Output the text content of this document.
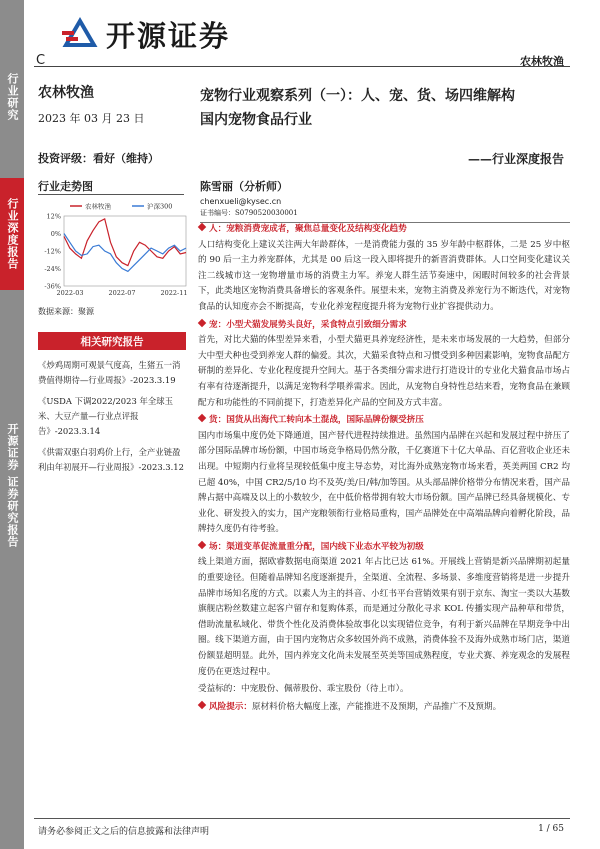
行业研究
行业深度报告
开源证券 证券研究报告
开源证券
C	农林牧渔
农林牧渔
2023 年 03 月 23 日
投资评级：看好（维持）	——行业深度报告
宠物行业观察系列（一）：人、宠、货、场四维解构
国内宠物食品行业
行业走势图
12%
0%
-12%
-24%
-36%
2022-03	2022-07	2022-11
农林牧渔	沪深300
数据来源：聚源
相关研究报告
《炒鸡周期可观景气度高，生猪五一消费值得期待—行业周报》-2023.3.19
《USDA 下调2022/2023 年全球玉米、大豆产量—行业点评报告》-2023.3.14
《供需双驱白羽鸡价上行，全产业链盈利由年初展开—行业周报》-2023.3.12
陈雪丽（分析师）
chenxueli@kysec.cn
证书编号：S0790520030001
人：宠粮消费宠成者，聚焦总量变化及结构变化趋势
人口结构变化上建议关注两大年龄群体，一是消费能力强的 35 岁年龄中枢群体，二是 25 岁中枢的 90 后一主力养宠群体，尤其是 00 后这一段入即将提升的新晋消费群体。人口空间变化建议关注二线城市这一宠物增量市场的消费主力军。养宠人群生活节奏速中，闲暇时间较多的社会背景下，此类地区宠物消费具备增长的客观条件。展望未来，宠物主消费及养宠行为不断迭代，对宠物食品的认知度亦会不断提高，专业化养宠程度提升将为宠物行业扩容提供动力。
宠：小型犬猫发展势头良好，采食特点引致细分需求
首先，对比犬猫的体型差异来看，小型犬猫更具养宠经济性，是未来市场发展的一大趋势，但部分大中型犬种也受到养宠人群的偏爱。其次，犬猫采食特点和习惯受到多种因素影响，宠物食品配方研制的差异化、专业化程度提升空间大。基于各类细分需求进行打造设计的专业化犬猫食品市场占有率有待逐渐提升，以满足宠物科学喂养需求。因此，从宠物自身特性总结来看，宠物食品在兼顾配方和功能性的不同前提下，打造差异化产品的空间及方式丰富。
货：国货从出海代工转向本土混战，国际品牌份额受挤压
国内市场集中度仍处下降通道，国产替代进程持续推进。虽然国内品牌在兴起和发展过程中挤压了部分国际品牌市场份额，中国市场竞争格局仍然分散，千亿赛道下十亿大单品、百亿营收企业还未出现。中短期内行业将呈现较低集中度主导态势，对比海外成熟宠物市场来看，英美两国 CR2 均已超 40%，中国 CR2/5/10 均不及英/美/日/韩/加等国。从头部品牌价格带分布情况来看，国产品牌占据中高端及以上的小数较少，在中低价格带拥有较大市场份额。国产品牌已经具备规模化、专业化、研发投入的实力，国产宠粮领衔行业格局重构，国产品牌处在中高端品牌向着孵化阶段，品牌持久度仍有待考验。
场：渠道变革促流量重分配，国内线下业态水平较为初级
线上渠道方面，据欧睿数据电商渠道 2021 年占比已达 61%。开展线上营销是新兴品牌期初起量的重要途径。但随着品牌知名度逐渐提升，全渠道、全流程、多场景、多维度营销将是进一步提升品牌市场知名度的方式。以素人为主的抖音、小红书平台营销效果有别于京东、淘宝一类以大基数旗舰店粉丝数建立起客户留存和复购体系，而是通过分散化寻求 KOL 传播实现产品种草和带货，借助流量私域化、带货个性化及消费体验故事化以实现错位竞争，有利于新兴品牌在早期竞争中出圈。线下渠道方面，由于国内宠物店众多较国外尚不成熟，消费体验不及海外成熟市场门店，渠道份额显超明显。此外，国内养宠文化尚未发展至英美等国成熟程度，专业犬赛、养宠观念的发展程度仍在更迭过程中。
受益标的：中宠股份、佩蒂股份、乖宝股份（待上市）。
风险提示：原材料价格大幅度上涨，产能推进不及预期，产品推广不及预期。
请务必参阅正文之后的信息披露和法律声明	1 / 65
